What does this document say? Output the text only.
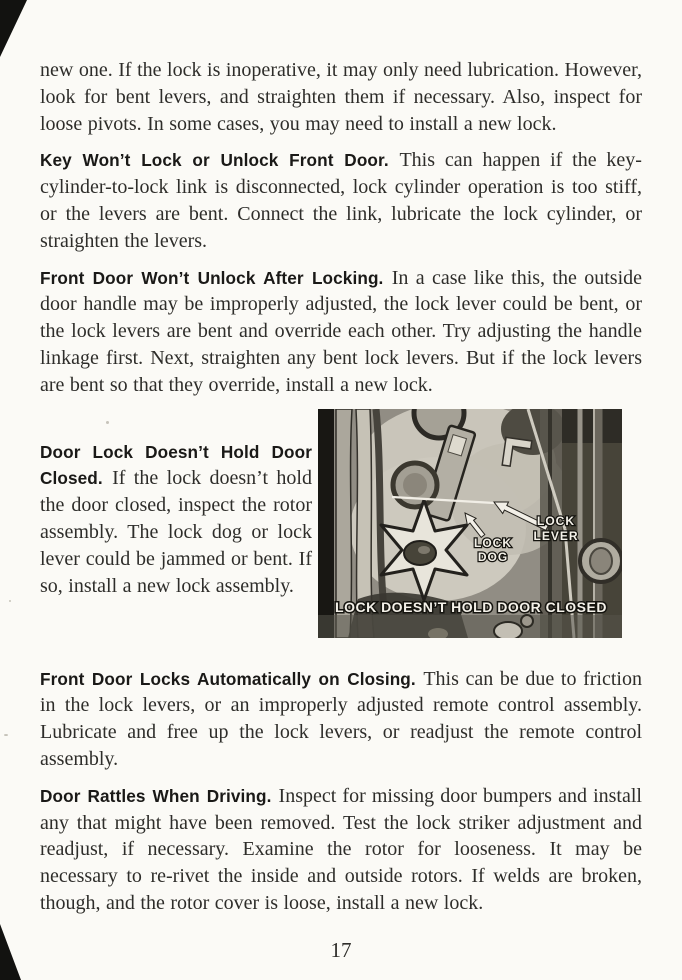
new one. If the lock is inoperative, it may only need lubrication. However, look for bent levers, and straighten them if necessary. Also, inspect for loose pivots. In some cases, you may need to install a new lock.

Key Won’t Lock or Unlock Front Door. This can happen if the key-cylinder-to-lock link is disconnected, lock cylinder operation is too stiff, or the levers are bent. Connect the link, lubricate the lock cylinder, or straighten the levers.

Front Door Won’t Unlock After Locking. In a case like this, the outside door handle may be improperly adjusted, the lock lever could be bent, or the lock levers are bent and override each other. Try adjusting the handle linkage first. Next, straighten any bent lock levers. But if the lock levers are bent so that they override, install a new lock.

Door Lock Doesn’t Hold Door Closed. If the lock doesn’t hold the door closed, inspect the rotor assembly. The lock dog or lock lever could be jammed or bent. If so, install a new lock assembly.

LOCK
DOG
LOCK
LEVER
LOCK DOESN’T HOLD DOOR CLOSED

Front Door Locks Automatically on Closing. This can be due to friction in the lock levers, or an improperly adjusted remote control assembly. Lubricate and free up the lock levers, or readjust the remote control assembly.

Door Rattles When Driving. Inspect for missing door bumpers and install any that might have been removed. Test the lock striker adjustment and readjust, if necessary. Examine the rotor for looseness. It may be necessary to re-rivet the inside and outside rotors. If welds are broken, though, and the rotor cover is loose, install a new lock.

17
